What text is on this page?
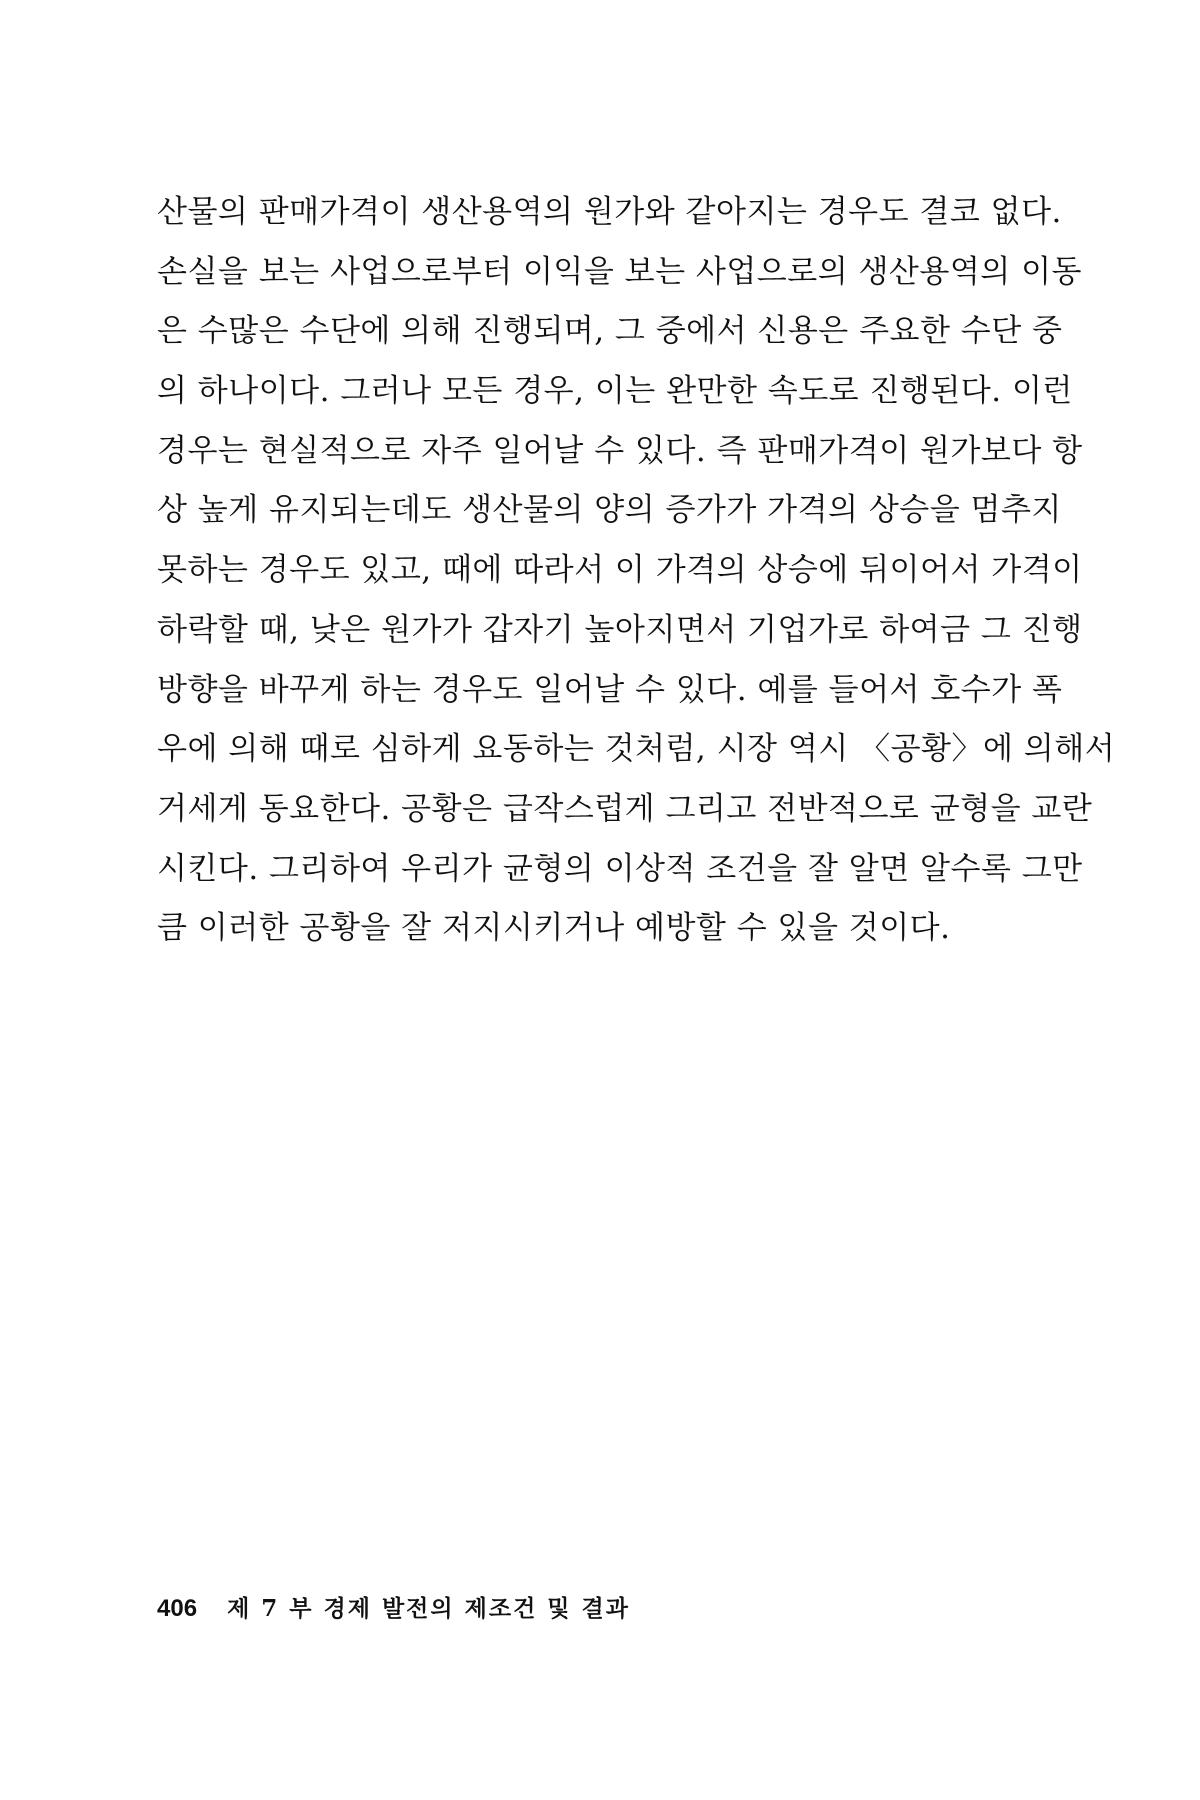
산물의 판매가격이 생산용역의 원가와 같아지는 경우도 결코 없다.
손실을 보는 사업으로부터 이익을 보는 사업으로의 생산용역의 이동
은 수많은 수단에 의해 진행되며, 그 중에서 신용은 주요한 수단 중
의 하나이다. 그러나 모든 경우, 이는 완만한 속도로 진행된다. 이런
경우는 현실적으로 자주 일어날 수 있다. 즉 판매가격이 원가보다 항
상 높게 유지되는데도 생산물의 양의 증가가 가격의 상승을 멈추지
못하는 경우도 있고, 때에 따라서 이 가격의 상승에 뒤이어서 가격이
하락할 때, 낮은 원가가 갑자기 높아지면서 기업가로 하여금 그 진행
방향을 바꾸게 하는 경우도 일어날 수 있다. 예를 들어서 호수가 폭
우에 의해 때로 심하게 요동하는 것처럼, 시장 역시 〈공황〉에 의해서
거세게 동요한다. 공황은 급작스럽게 그리고 전반적으로 균형을 교란
시킨다. 그리하여 우리가 균형의 이상적 조건을 잘 알면 알수록 그만
큼 이러한 공황을 잘 저지시키거나 예방할 수 있을 것이다.
406 제 7 부 경제 발전의 제조건 및 결과
